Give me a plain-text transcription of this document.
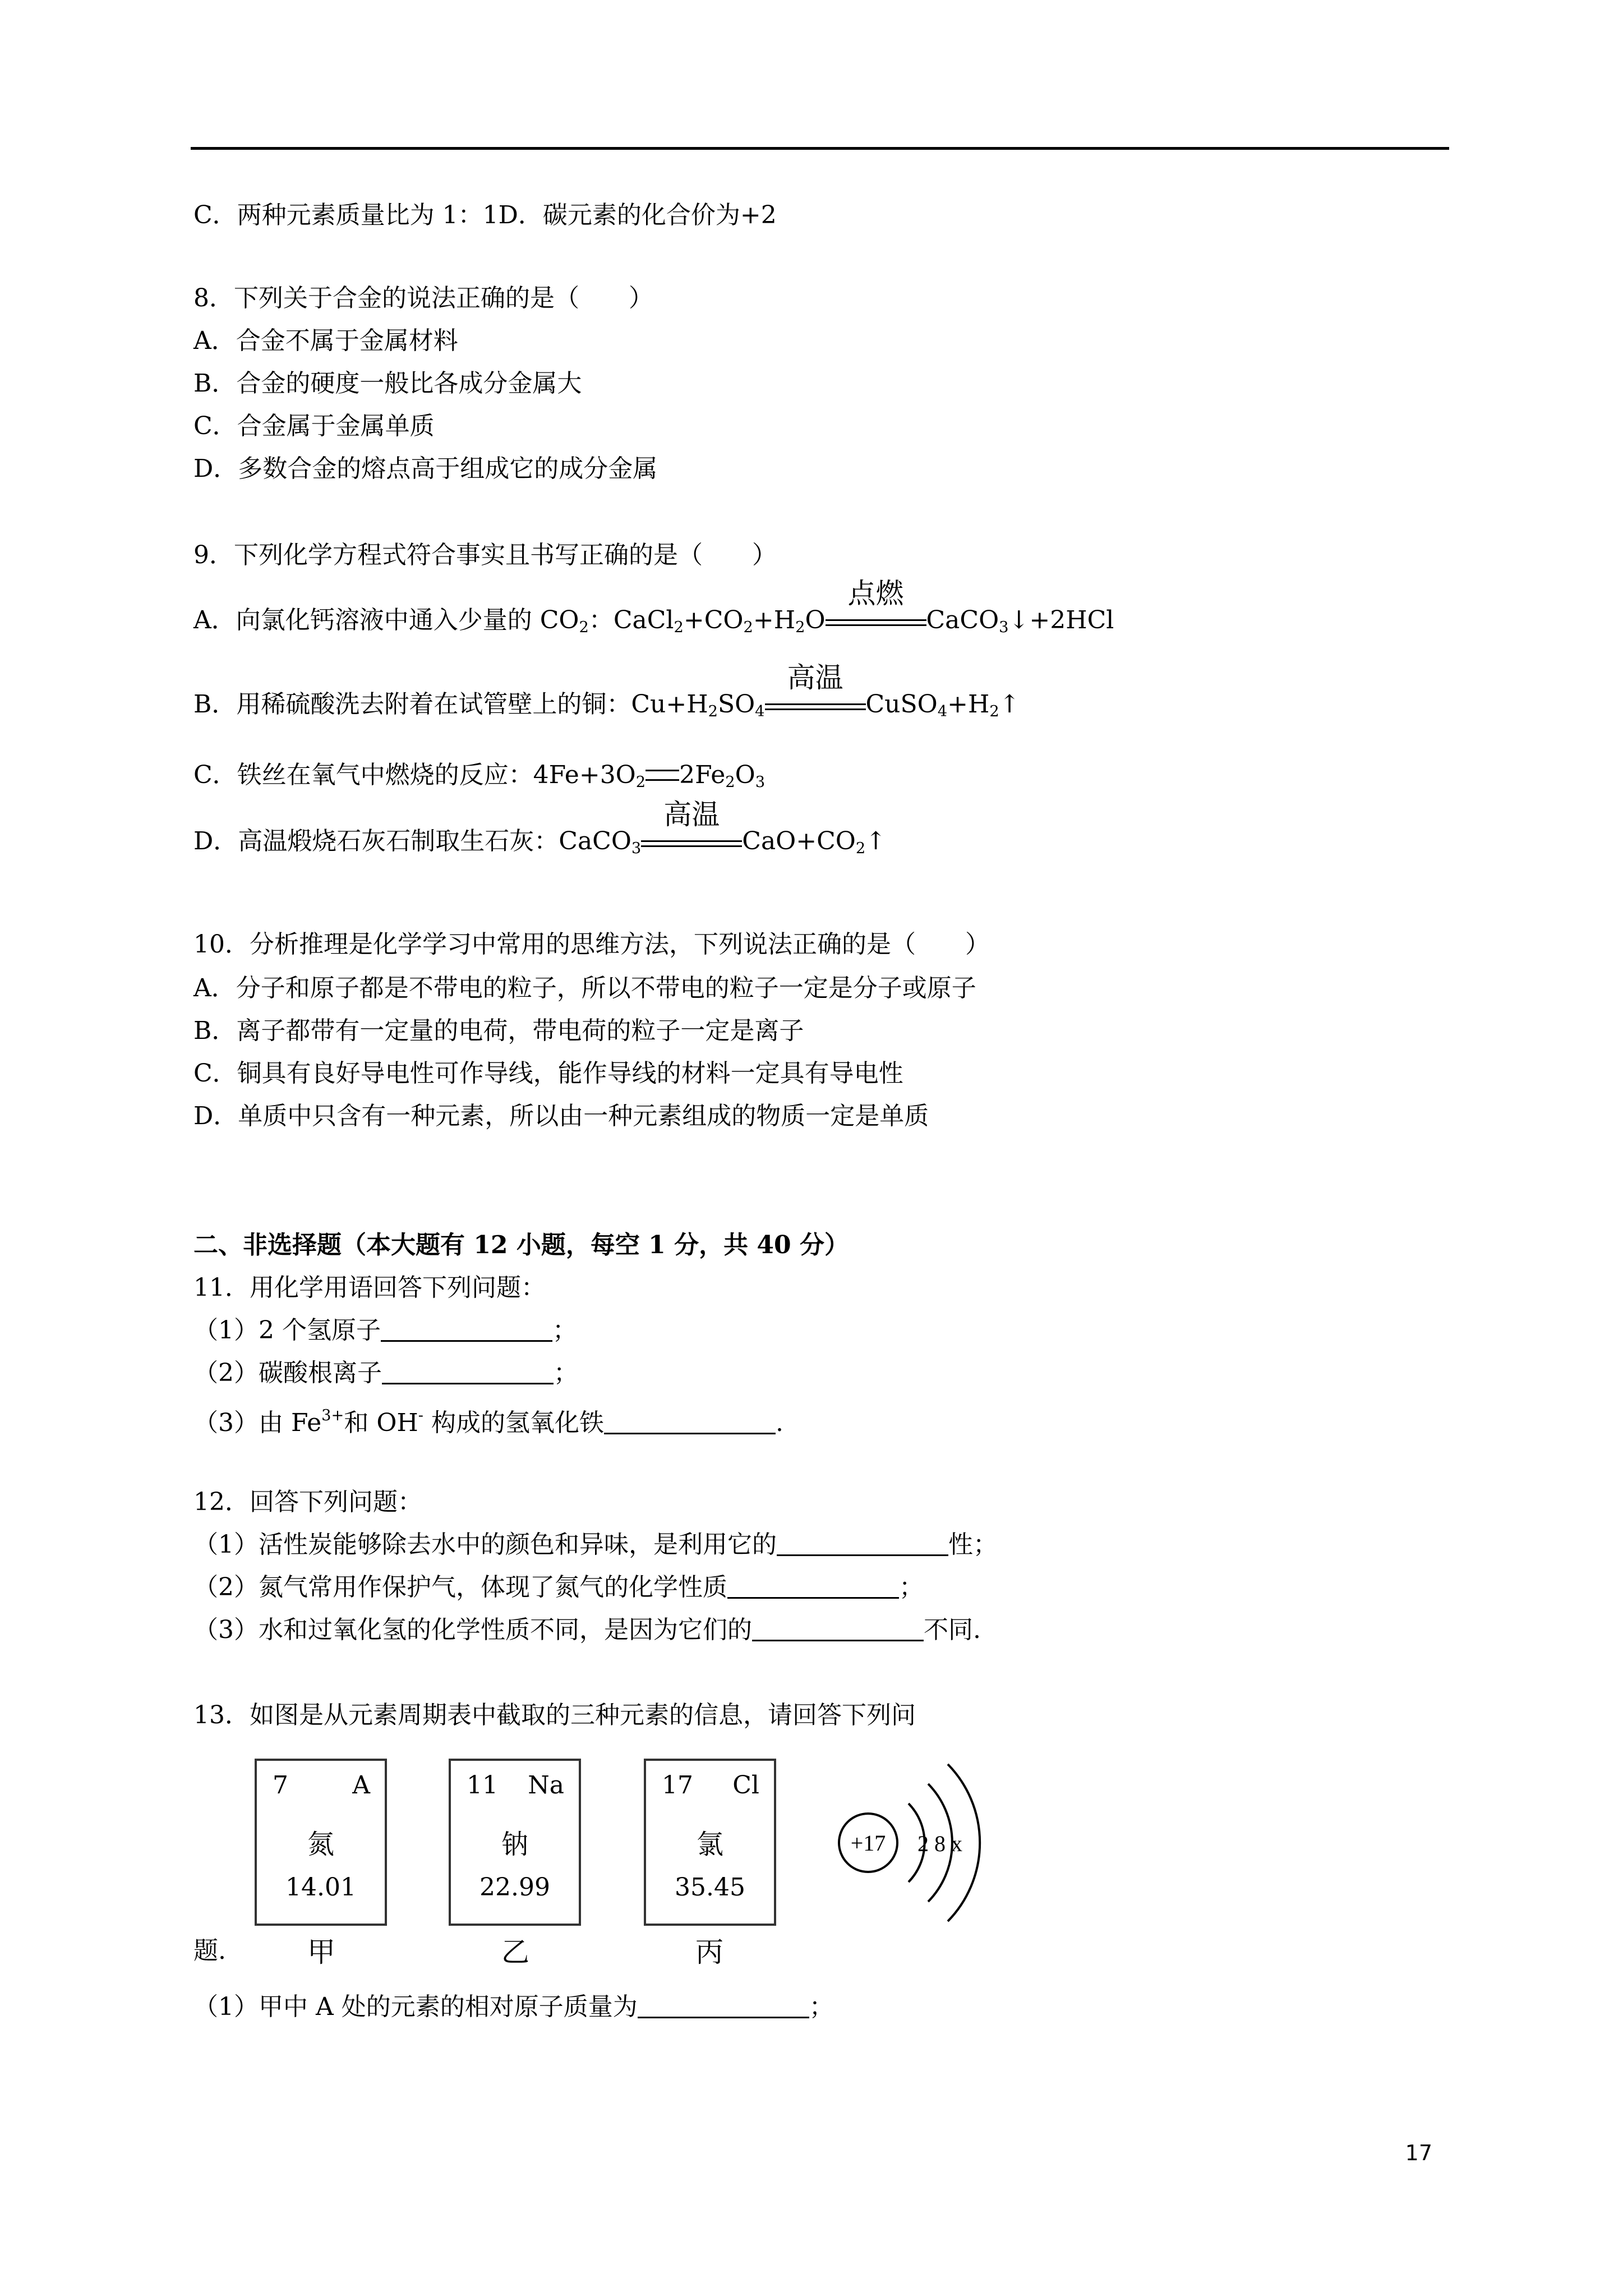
C．两种元素质量比为 1：1D．碳元素的化合价为+2
8．下列关于合金的说法正确的是（　　）
A．合金不属于金属材料
B．合金的硬度一般比各成分金属大
C．合金属于金属单质
D．多数合金的熔点高于组成它的成分金属
9．下列化学方程式符合事实且书写正确的是（　　）
A．向氯化钙溶液中通入少量的 $CO_2$：$CaCl_2+CO_2+H_2O$
点燃
CaCO$_3$↓+2HCl
B．用稀硫酸洗去附着在试管壁上的铜：$Cu+H_2SO_4$
高温
$CuSO_4+H_2↑$
C．铁丝在氧气中燃烧的反应：$4Fe+3O_2$ $2Fe_2O_3$
D．高温煅烧石灰石制取生石灰：CaCO$_3$
高温
$CaO+CO_2↑$
10．分析推理是化学学习中常用的思维方法，下列说法正确的是（　　）
A．分子和原子都是不带电的粒子，所以不带电的粒子一定是分子或原子
B．离子都带有一定量的电荷，带电荷的粒子一定是离子
C．铜具有良好导电性可作导线，能作导线的材料一定具有导电性
D．单质中只含有一种元素，所以由一种元素组成的物质一定是单质
二、非选择题（本大题有 12 小题，每空 1 分，共 40 分）
11．用化学用语回答下列问题：
（1）2 个氢原子	；
（2）碳酸根离子	；
（3）由 $Fe^{3+}$和 OH- 构成的氢氧化铁	.
12．回答下列问题：
（1）活性炭能够除去水中的颜色和异味，是利用它的	性；
（2）氮气常用作保护气，体现了氮气的化学性质	；
（3）水和过氧化氢的化学性质不同，是因为它们的	不同.
13．如图是从元素周期表中截取的三种元素的信息，请回答下列问
7	A
氮
14.01
11 Na
钠
22.99
17 Cl
氯
35.45
+17 2 8 x
题.	甲	乙	丙
（1）甲中 A 处的元素的相对原子质量为	；
17
